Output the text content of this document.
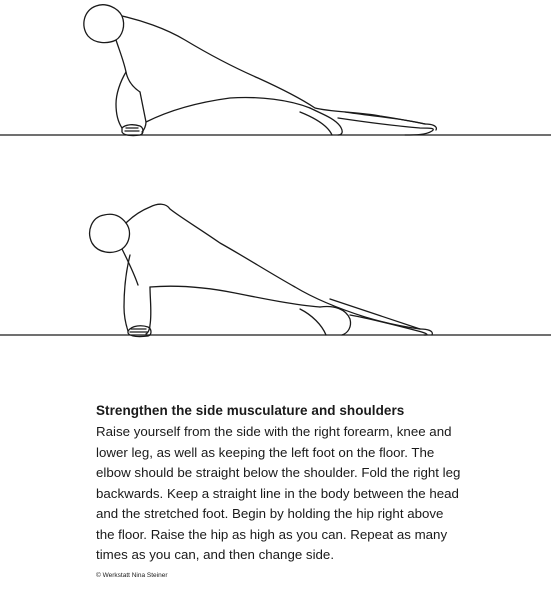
Strengthen the side musculature and shoulders

Raise yourself from the side with the right forearm, knee and lower leg, as well as keeping the left foot on the floor. The elbow should be straight below the shoulder. Fold the right leg backwards. Keep a straight line in the body between the head and the stretched foot. Begin by holding the hip right above the floor. Raise the hip as high as you can. Repeat as many times as you can, and then change side.

© Werkstatt Nina Steiner
